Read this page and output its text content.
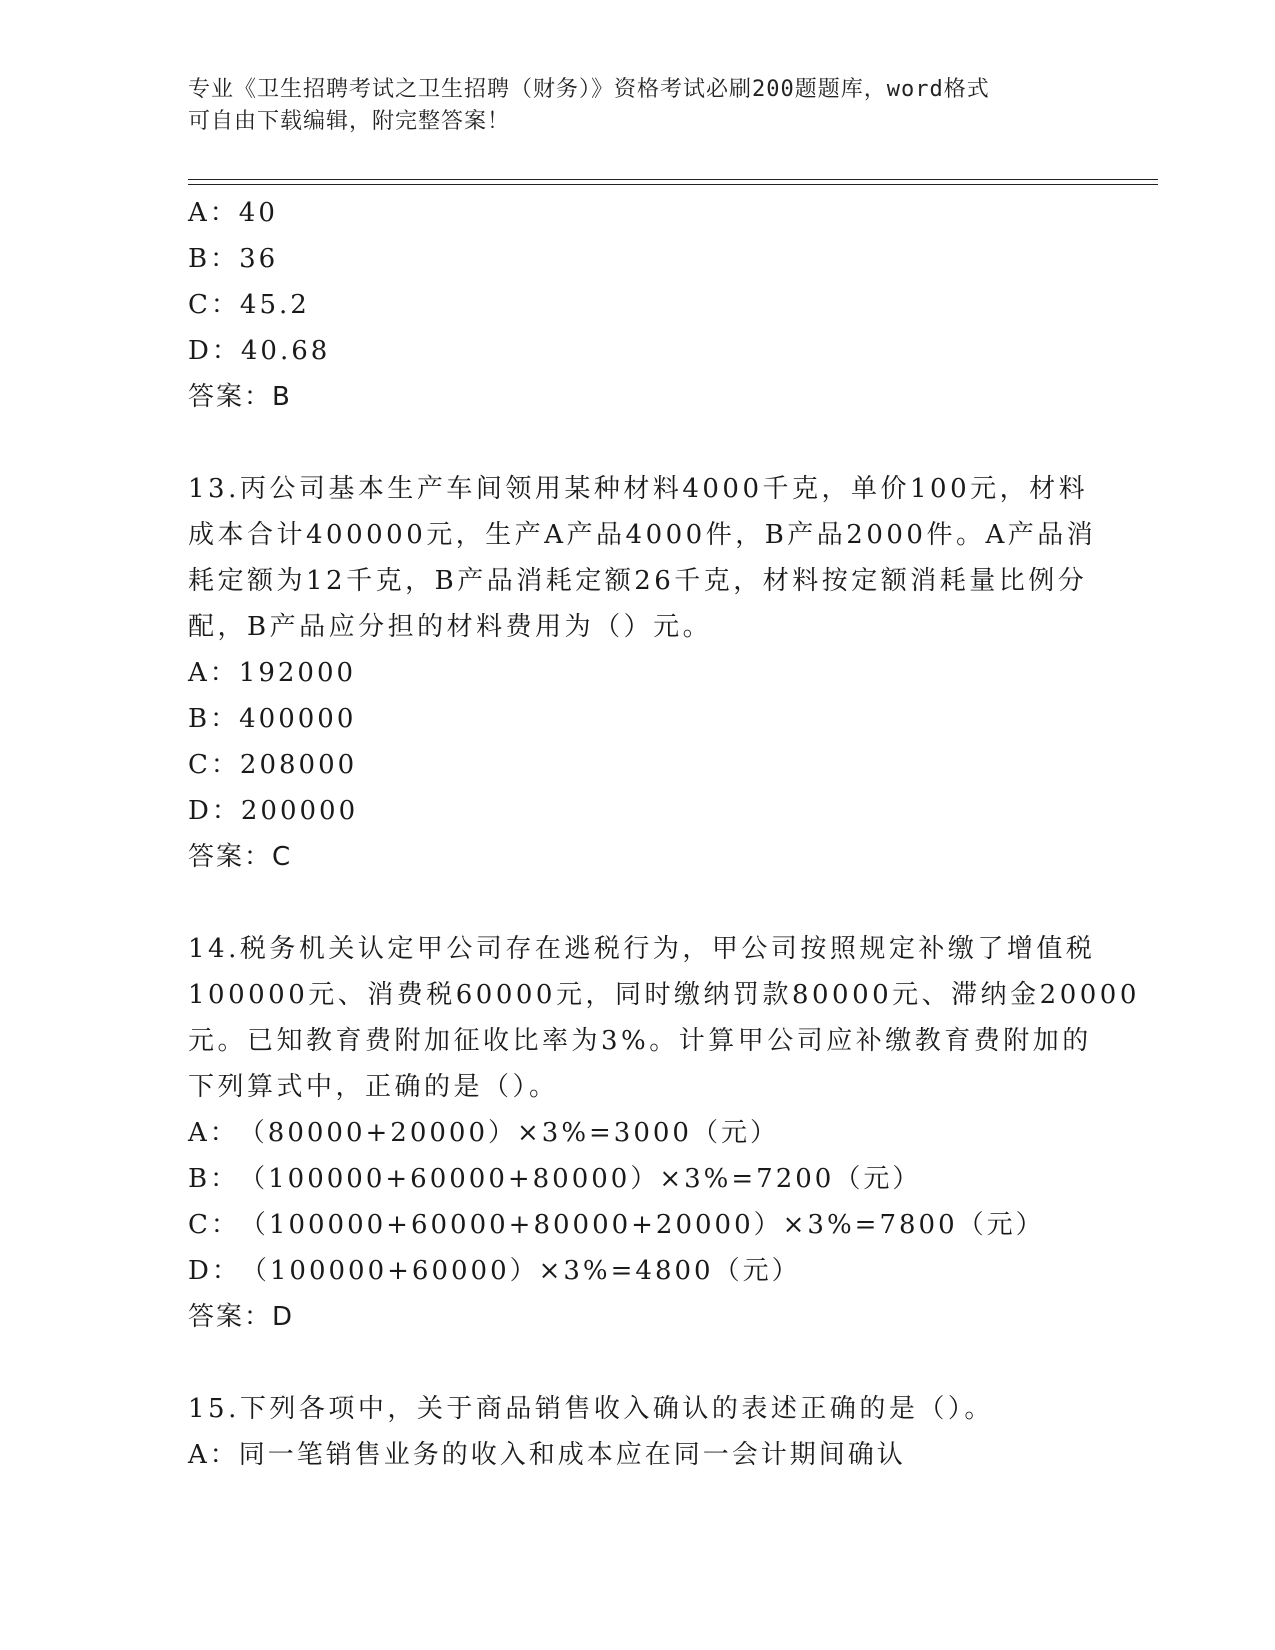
专业《卫生招聘考试之卫生招聘（财务）》资格考试必刷200题题库，word格式
可自由下载编辑，附完整答案！
A：40
B：36
C：45.2
D：40.68
答案：B
13.丙公司基本生产车间领用某种材料4000千克，单价100元，材料
成本合计400000元，生产A产品4000件，B产品2000件。A产品消
耗定额为12千克，B产品消耗定额26千克，材料按定额消耗量比例分
配，B产品应分担的材料费用为（）元。
A：192000
B：400000
C：208000
D：200000
答案：C
14.税务机关认定甲公司存在逃税行为，甲公司按照规定补缴了增值税
100000元、消费税60000元，同时缴纳罚款80000元、滞纳金20000
元。已知教育费附加征收比率为3%。计算甲公司应补缴教育费附加的
下列算式中，正确的是（）。
A：（80000+20000）×3%=3000（元）
B：（100000+60000+80000）×3%=7200（元）
C：（100000+60000+80000+20000）×3%=7800（元）
D：（100000+60000）×3%=4800（元）
答案：D
15.下列各项中，关于商品销售收入确认的表述正确的是（）。
A：同一笔销售业务的收入和成本应在同一会计期间确认
